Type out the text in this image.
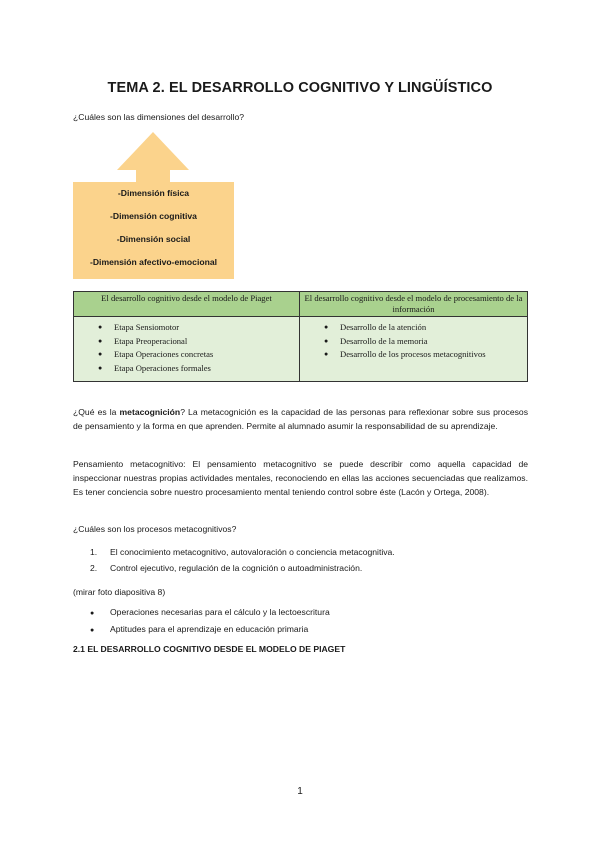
TEMA 2. EL DESARROLLO COGNITIVO Y LINGÜÍSTICO
¿Cuáles son las dimensiones del desarrollo?
-Dimensión física
-Dimensión cognitiva
-Dimensión social
-Dimensión afectivo-emocional
El desarrollo cognitivo desde el modelo de Piaget	El desarrollo cognitivo desde el modelo de procesamiento de la información
● Etapa Sensiomotor
● Etapa Preoperacional
● Etapa Operaciones concretas
● Etapa Operaciones formales
● Desarrollo de la atención
● Desarrollo de la memoria
● Desarrollo de los procesos metacognitivos
¿Qué es la metacognición? La metacognición es la capacidad de las personas para reflexionar sobre sus procesos de pensamiento y la forma en que aprenden. Permite al alumnado asumir la responsabilidad de su aprendizaje.
Pensamiento metacognitivo: El pensamiento metacognitivo se puede describir como aquella capacidad de inspeccionar nuestras propias actividades mentales, reconociendo en ellas las acciones secuenciadas que realizamos. Es tener conciencia sobre nuestro procesamiento mental teniendo control sobre éste (Lacón y Ortega, 2008).
¿Cuáles son los procesos metacognitivos?
1. El conocimiento metacognitivo, autovaloración o conciencia metacognitiva.
2. Control ejecutivo, regulación de la cognición o autoadministración.
(mirar foto diapositiva 8)
● Operaciones necesarias para el cálculo y la lectoescritura
● Aptitudes para el aprendizaje en educación primaria
2.1 EL DESARROLLO COGNITIVO DESDE EL MODELO DE PIAGET
1
